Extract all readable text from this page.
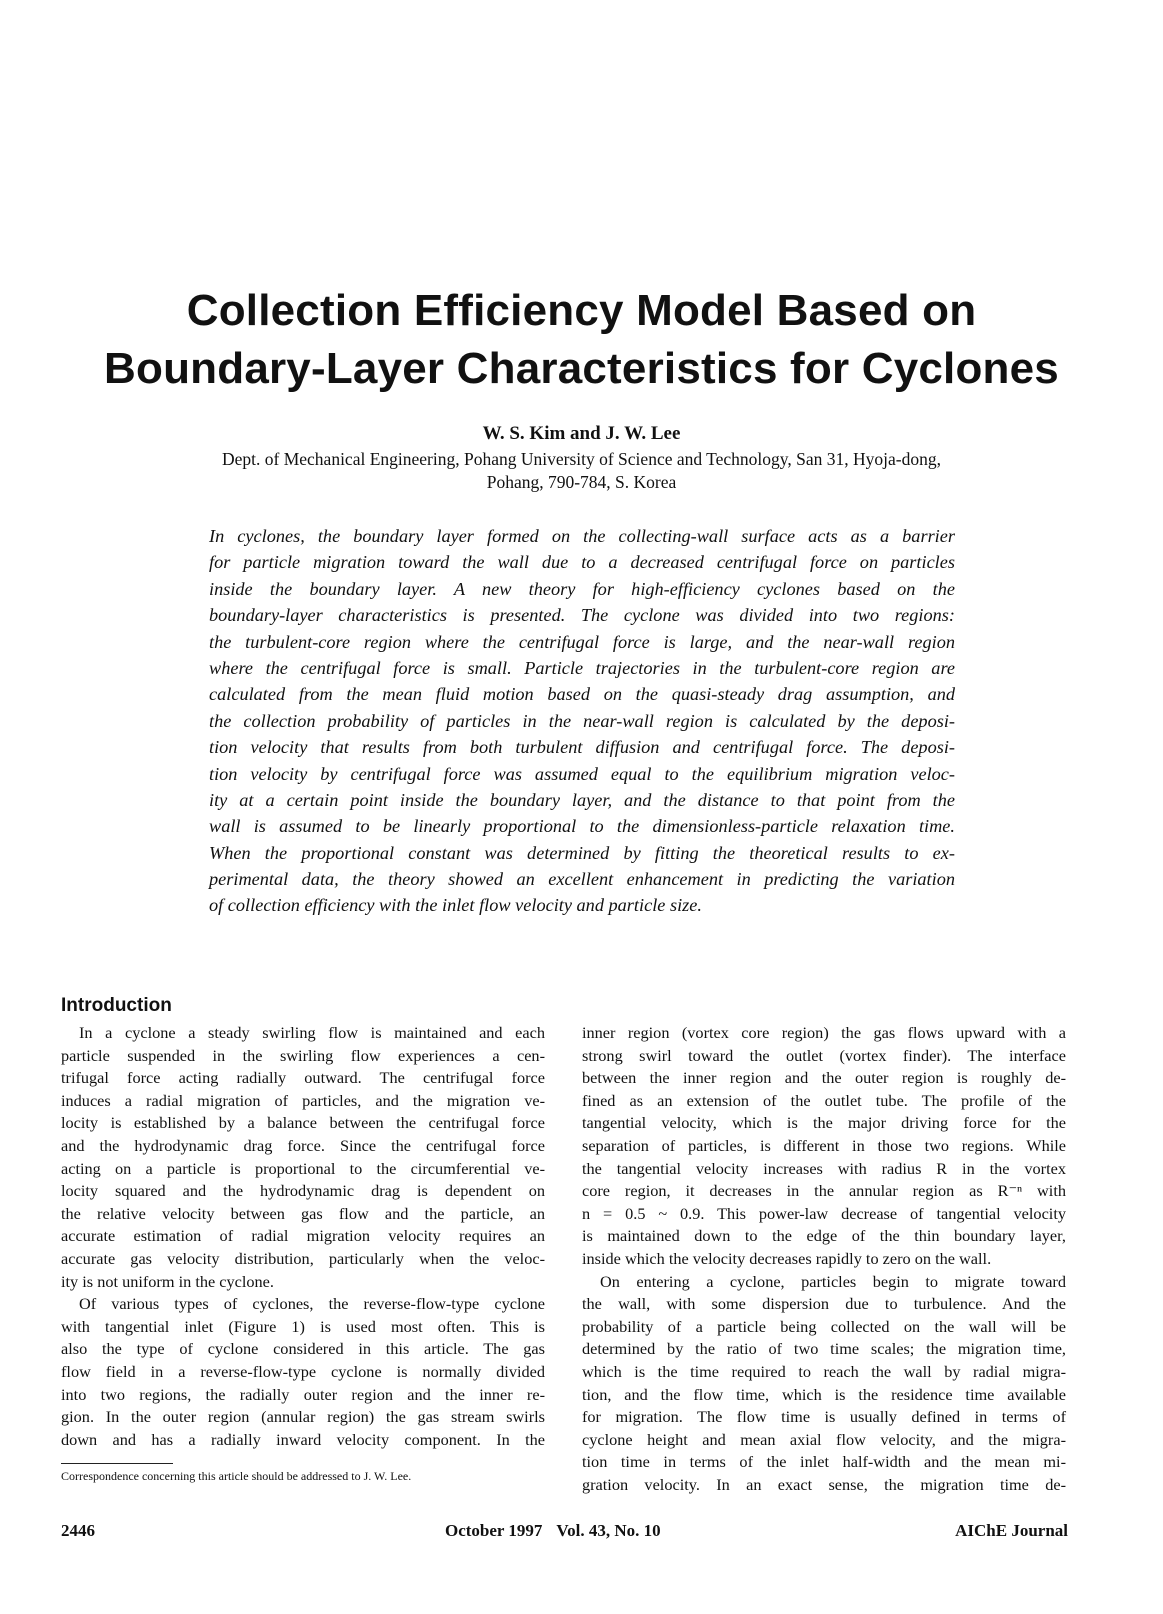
Collection Efficiency Model Based on
Boundary-Layer Characteristics for Cyclones
W. S. Kim and J. W. Lee
Dept. of Mechanical Engineering, Pohang University of Science and Technology, San 31, Hyoja-dong,
Pohang, 790-784, S. Korea
In cyclones, the boundary layer formed on the collecting-wall surface acts as a barrier
for particle migration toward the wall due to a decreased centrifugal force on particles
inside the boundary layer. A new theory for high-efficiency cyclones based on the
boundary-layer characteristics is presented. The cyclone was divided into two regions:
the turbulent-core region where the centrifugal force is large, and the near-wall region
where the centrifugal force is small. Particle trajectories in the turbulent-core region are
calculated from the mean fluid motion based on the quasi-steady drag assumption, and
the collection probability of particles in the near-wall region is calculated by the deposi-
tion velocity that results from both turbulent diffusion and centrifugal force. The deposi-
tion velocity by centrifugal force was assumed equal to the equilibrium migration veloc-
ity at a certain point inside the boundary layer, and the distance to that point from the
wall is assumed to be linearly proportional to the dimensionless-particle relaxation time.
When the proportional constant was determined by fitting the theoretical results to ex-
perimental data, the theory showed an excellent enhancement in predicting the variation
of collection efficiency with the inlet flow velocity and particle size.
Introduction
In a cyclone a steady swirling flow is maintained and each
particle suspended in the swirling flow experiences a cen-
trifugal force acting radially outward. The centrifugal force
induces a radial migration of particles, and the migration ve-
locity is established by a balance between the centrifugal force
and the hydrodynamic drag force. Since the centrifugal force
acting on a particle is proportional to the circumferential ve-
locity squared and the hydrodynamic drag is dependent on
the relative velocity between gas flow and the particle, an
accurate estimation of radial migration velocity requires an
accurate gas velocity distribution, particularly when the veloc-
ity is not uniform in the cyclone.
Of various types of cyclones, the reverse-flow-type cyclone
with tangential inlet (Figure 1) is used most often. This is
also the type of cyclone considered in this article. The gas
flow field in a reverse-flow-type cyclone is normally divided
into two regions, the radially outer region and the inner re-
gion. In the outer region (annular region) the gas stream swirls
down and has a radially inward velocity component. In the
inner region (vortex core region) the gas flows upward with a
strong swirl toward the outlet (vortex finder). The interface
between the inner region and the outer region is roughly de-
fined as an extension of the outlet tube. The profile of the
tangential velocity, which is the major driving force for the
separation of particles, is different in those two regions. While
the tangential velocity increases with radius R in the vortex
core region, it decreases in the annular region as R⁻ⁿ with
n = 0.5 ~ 0.9. This power-law decrease of tangential velocity
is maintained down to the edge of the thin boundary layer,
inside which the velocity decreases rapidly to zero on the wall.
On entering a cyclone, particles begin to migrate toward
the wall, with some dispersion due to turbulence. And the
probability of a particle being collected on the wall will be
determined by the ratio of two time scales; the migration time,
which is the time required to reach the wall by radial migra-
tion, and the flow time, which is the residence time available
for migration. The flow time is usually defined in terms of
cyclone height and mean axial flow velocity, and the migra-
tion time in terms of the inlet half-width and the mean mi-
gration velocity. In an exact sense, the migration time de-
Correspondence concerning this article should be addressed to J. W. Lee.
2446	October 1997 Vol. 43, No. 10	AIChE Journal
